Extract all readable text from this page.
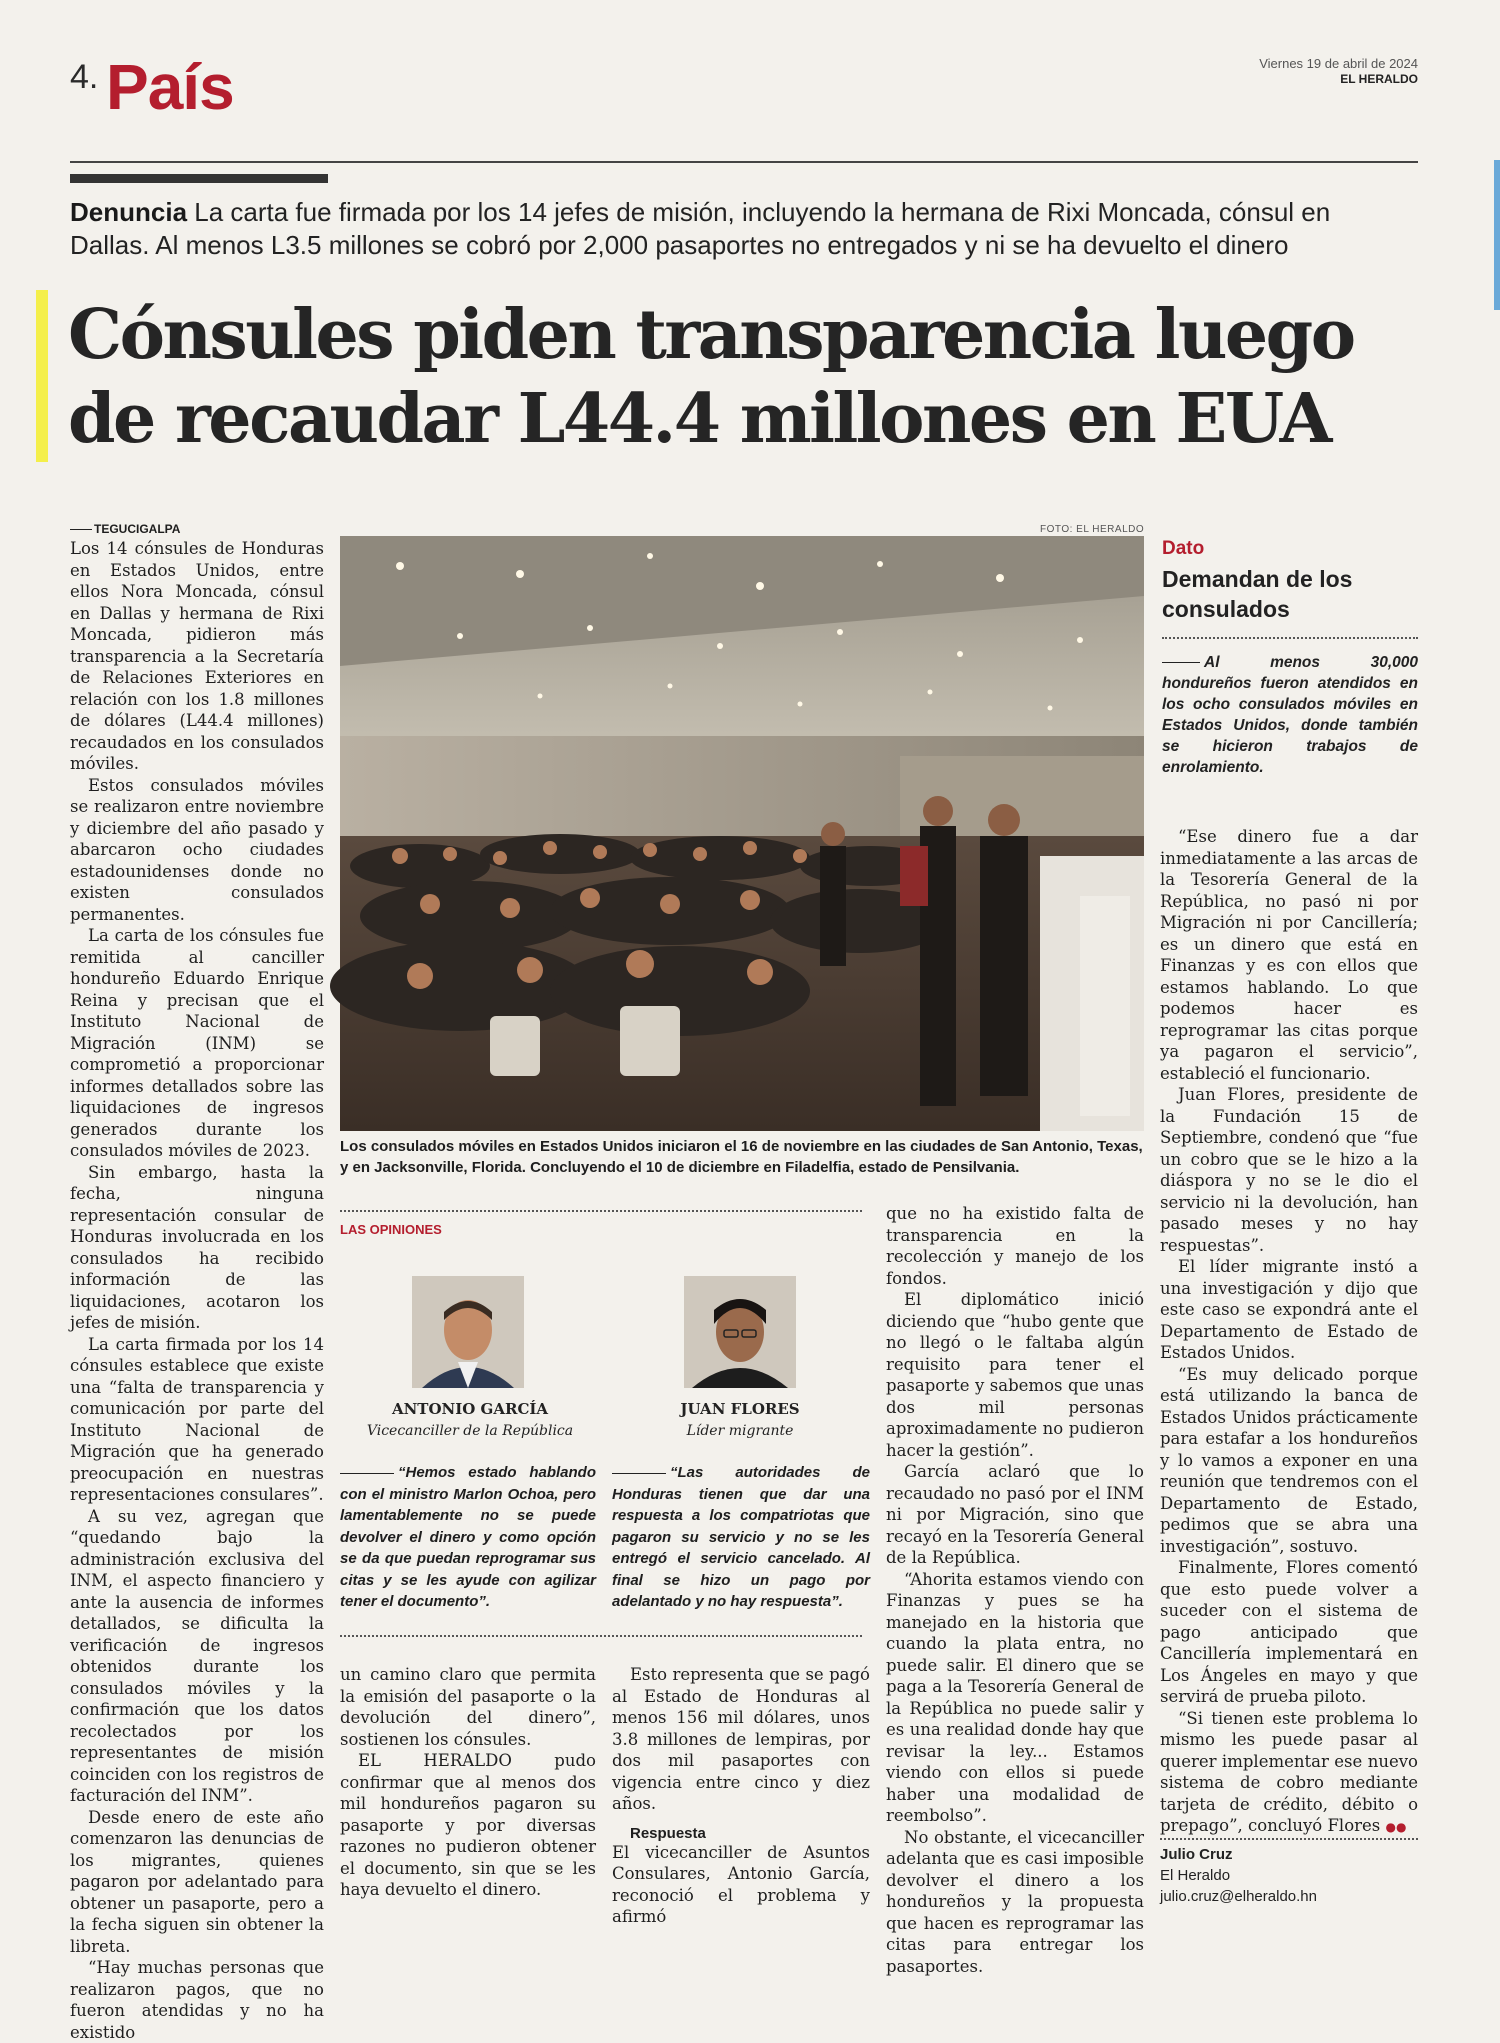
4. País	Viernes 19 de abril de 2024
EL HERALDO
Denuncia La carta fue firmada por los 14 jefes de misión, incluyendo la hermana de Rixi Moncada, cónsul en Dallas. Al menos L3.5 millones se cobró por 2,000 pasaportes no entregados y ni se ha devuelto el dinero
Cónsules piden transparencia luego
de recaudar L44.4 millones en EUA
TEGUCIGALPA

Los 14 cónsules de Honduras en Estados Unidos, entre ellos Nora Moncada, cónsul en Dallas y hermana de Rixi Moncada, pidieron más transparencia a la Secretaría de Relaciones Exteriores en relación con los 1.8 millones de dólares (L44.4 millones) recaudados en los consulados móviles.

Estos consulados móviles se realizaron entre noviembre y diciembre del año pasado y abarcaron ocho ciudades estadounidenses donde no existen consulados permanentes.

La carta de los cónsules fue remitida al canciller hondureño Eduardo Enrique Reina y precisan que el Instituto Nacional de Migración (INM) se comprometió a proporcionar informes detallados sobre las liquidaciones de ingresos generados durante los consulados móviles de 2023.

Sin embargo, hasta la fecha, ninguna representación consular de Honduras involucrada en los consulados ha recibido información de las liquidaciones, acotaron los jefes de misión.

La carta firmada por los 14 cónsules establece que existe una “falta de transparencia y comunicación por parte del Instituto Nacional de Migración que ha generado preocupación en nuestras representaciones consulares”.

A su vez, agregan que “quedando bajo la administración exclusiva del INM, el aspecto financiero y ante la ausencia de informes detallados, se dificulta la verificación de ingresos obtenidos durante los consulados móviles y la confirmación que los datos recolectados por los representantes de misión coinciden con los registros de facturación del INM”.

Desde enero de este año comenzaron las denuncias de los migrantes, quienes pagaron por adelantado para obtener un pasaporte, pero a la fecha siguen sin obtener la libreta.

“Hay muchas personas que realizaron pagos, que no fueron atendidas y no ha existido

FOTO: EL HERALDO
Los consulados móviles en Estados Unidos iniciaron el 16 de noviembre en las ciudades de San Antonio, Texas, y en Jacksonville, Florida. Concluyendo el 10 de diciembre en Filadelfia, estado de Pensilvania.
Dato
Demandan de los consulados
Al menos 30,000 hondureños fueron atendidos en los ocho consulados móviles en Estados Unidos, donde también se hicieron trabajos de enrolamiento.

“Ese dinero fue a dar inmediatamente a las arcas de la Tesorería General de la República, no pasó ni por Migración ni por Cancillería; es un dinero que está en Finanzas y es con ellos que estamos hablando. Lo que podemos hacer es reprogramar las citas porque ya pagaron el servicio”, estableció el funcionario.

Juan Flores, presidente de la Fundación 15 de Septiembre, condenó que “fue un cobro que se le hizo a la diáspora y no se le dio el servicio ni la devolución, han pasado meses y no hay respuestas”.

El líder migrante instó a una investigación y dijo que este caso se expondrá ante el Departamento de Estado de Estados Unidos.

“Es muy delicado porque está utilizando la banca de Estados Unidos prácticamente para estafar a los hondureños y lo vamos a exponer en una reunión que tendremos con el Departamento de Estado, pedimos que se abra una investigación”, sostuvo.

Finalmente, Flores comentó que esto puede volver a suceder con el sistema de pago anticipado que Cancillería implementará en Los Ángeles en mayo y que servirá de prueba piloto.

“Si tienen este problema lo mismo les puede pasar al querer implementar ese nuevo sistema de cobro mediante tarjeta de crédito, débito o prepago”, concluyó Flores ●●

LAS OPINIONES
ANTONIO GARCÍA
Vicecanciller de la República
“Hemos estado hablando con el ministro Marlon Ochoa, pero lamentablemente no se puede devolver el dinero y como opción se da que puedan reprogramar sus citas y se les ayude con agilizar tener el documento”.
JUAN FLORES
Líder migrante
“Las autoridades de Honduras tienen que dar una respuesta a los compatriotas que pagaron su servicio y no se les entregó el servicio cancelado. Al final se hizo un pago por adelantado y no hay respuesta”.

un camino claro que permita la emisión del pasaporte o la devolución del dinero”, sostienen los cónsules.

EL HERALDO pudo confirmar que al menos dos mil hondureños pagaron su pasaporte y por diversas razones no pudieron obtener el documento, sin que se les haya devuelto el dinero.

Esto representa que se pagó al Estado de Honduras al menos 156 mil dólares, unos 3.8 millones de lempiras, por dos mil pasaportes con vigencia entre cinco y diez años.

Respuesta

El vicecanciller de Asuntos Consulares, Antonio García, reconoció el problema y afirmó

que no ha existido falta de transparencia en la recolección y manejo de los fondos.

El diplomático inició diciendo que “hubo gente que no llegó o le faltaba algún requisito para tener el pasaporte y sabemos que unas dos mil personas aproximadamente no pudieron hacer la gestión”.

García aclaró que lo recaudado no pasó por el INM ni por Migración, sino que recayó en la Tesorería General de la República.

“Ahorita estamos viendo con Finanzas y pues se ha manejado en la historia que cuando la plata entra, no puede salir. El dinero que se paga a la Tesorería General de la República no puede salir y es una realidad donde hay que revisar la ley... Estamos viendo con ellos si puede haber una modalidad de reembolso”.

No obstante, el vicecanciller adelanta que es casi imposible devolver el dinero a los hondureños y la propuesta que hacen es reprogramar las citas para entregar los pasaportes.

Julio Cruz
El Heraldo
julio.cruz@elheraldo.hn
